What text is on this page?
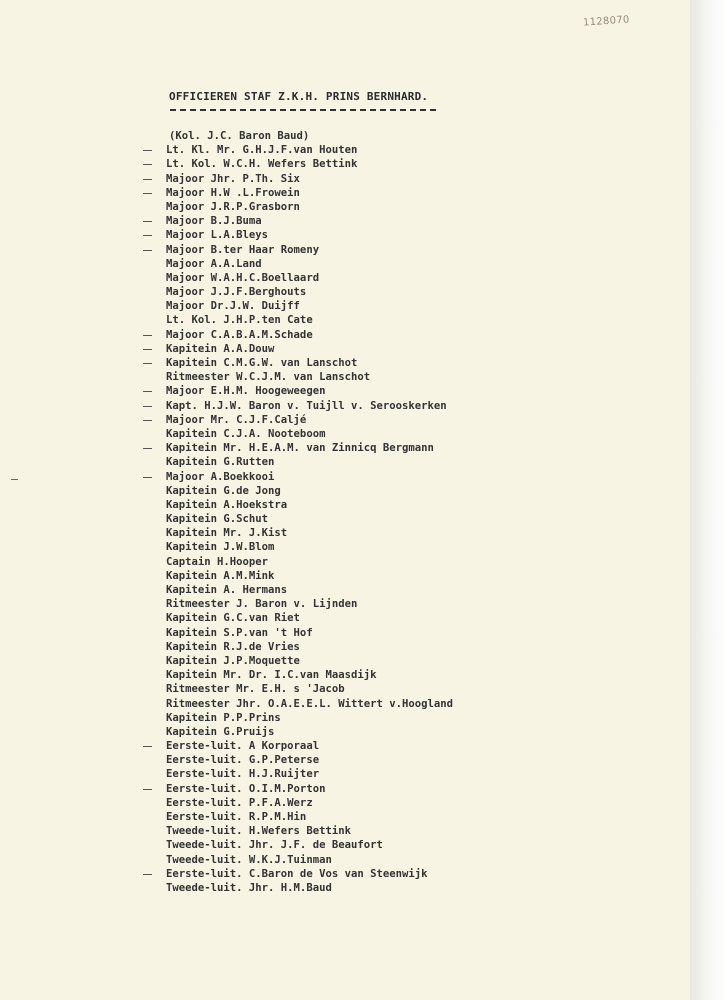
1128070
OFFICIEREN STAF Z.K.H. PRINS BERNHARD.
(Kol. J.C. Baron Baud)
Lt. Kl. Mr. G.H.J.F.van Houten
Lt. Kol. W.C.H. Wefers Bettink
Majoor Jhr. P.Th. Six
Majoor H.W .L.Frowein
Majoor J.R.P.Grasborn
Majoor B.J.Buma
Majoor L.A.Bleys
Majoor B.ter Haar Romeny
Majoor A.A.Land
Majoor W.A.H.C.Boellaard
Majoor J.J.F.Berghouts
Majoor Dr.J.W. Duijff
Lt. Kol. J.H.P.ten Cate
Majoor C.A.B.A.M.Schade
Kapitein A.A.Douw
Kapitein C.M.G.W. van Lanschot
Ritmeester W.C.J.M. van Lanschot
Majoor E.H.M. Hoogeweegen
Kapt. H.J.W. Baron v. Tuijll v. Serooskerken
Majoor Mr. C.J.F.Caljé
Kapitein C.J.A. Nooteboom
Kapitein Mr. H.E.A.M. van Zinnicq Bergmann
Kapitein G.Rutten
Majoor A.Boekkooi
Kapitein G.de Jong
Kapitein A.Hoekstra
Kapitein G.Schut
Kapitein Mr. J.Kist
Kapitein J.W.Blom
Captain H.Hooper
Kapitein A.M.Mink
Kapitein A. Hermans
Ritmeester J. Baron v. Lijnden
Kapitein G.C.van Riet
Kapitein S.P.van 't Hof
Kapitein R.J.de Vries
Kapitein J.P.Moquette
Kapitein Mr. Dr. I.C.van Maasdijk
Ritmeester Mr. E.H. s 'Jacob
Ritmeester Jhr. O.A.E.E.L. Wittert v.Hoogland
Kapitein P.P.Prins
Kapitein G.Pruijs
Eerste-luit. A Korporaal
Eerste-luit. G.P.Peterse
Eerste-luit. H.J.Ruijter
Eerste-luit. O.I.M.Porton
Eerste-luit. P.F.A.Werz
Eerste-luit. R.P.M.Hin
Tweede-luit. H.Wefers Bettink
Tweede-luit. Jhr. J.F. de Beaufort
Tweede-luit. W.K.J.Tuinman
Eerste-luit. C.Baron de Vos van Steenwijk
Tweede-luit. Jhr. H.M.Baud
